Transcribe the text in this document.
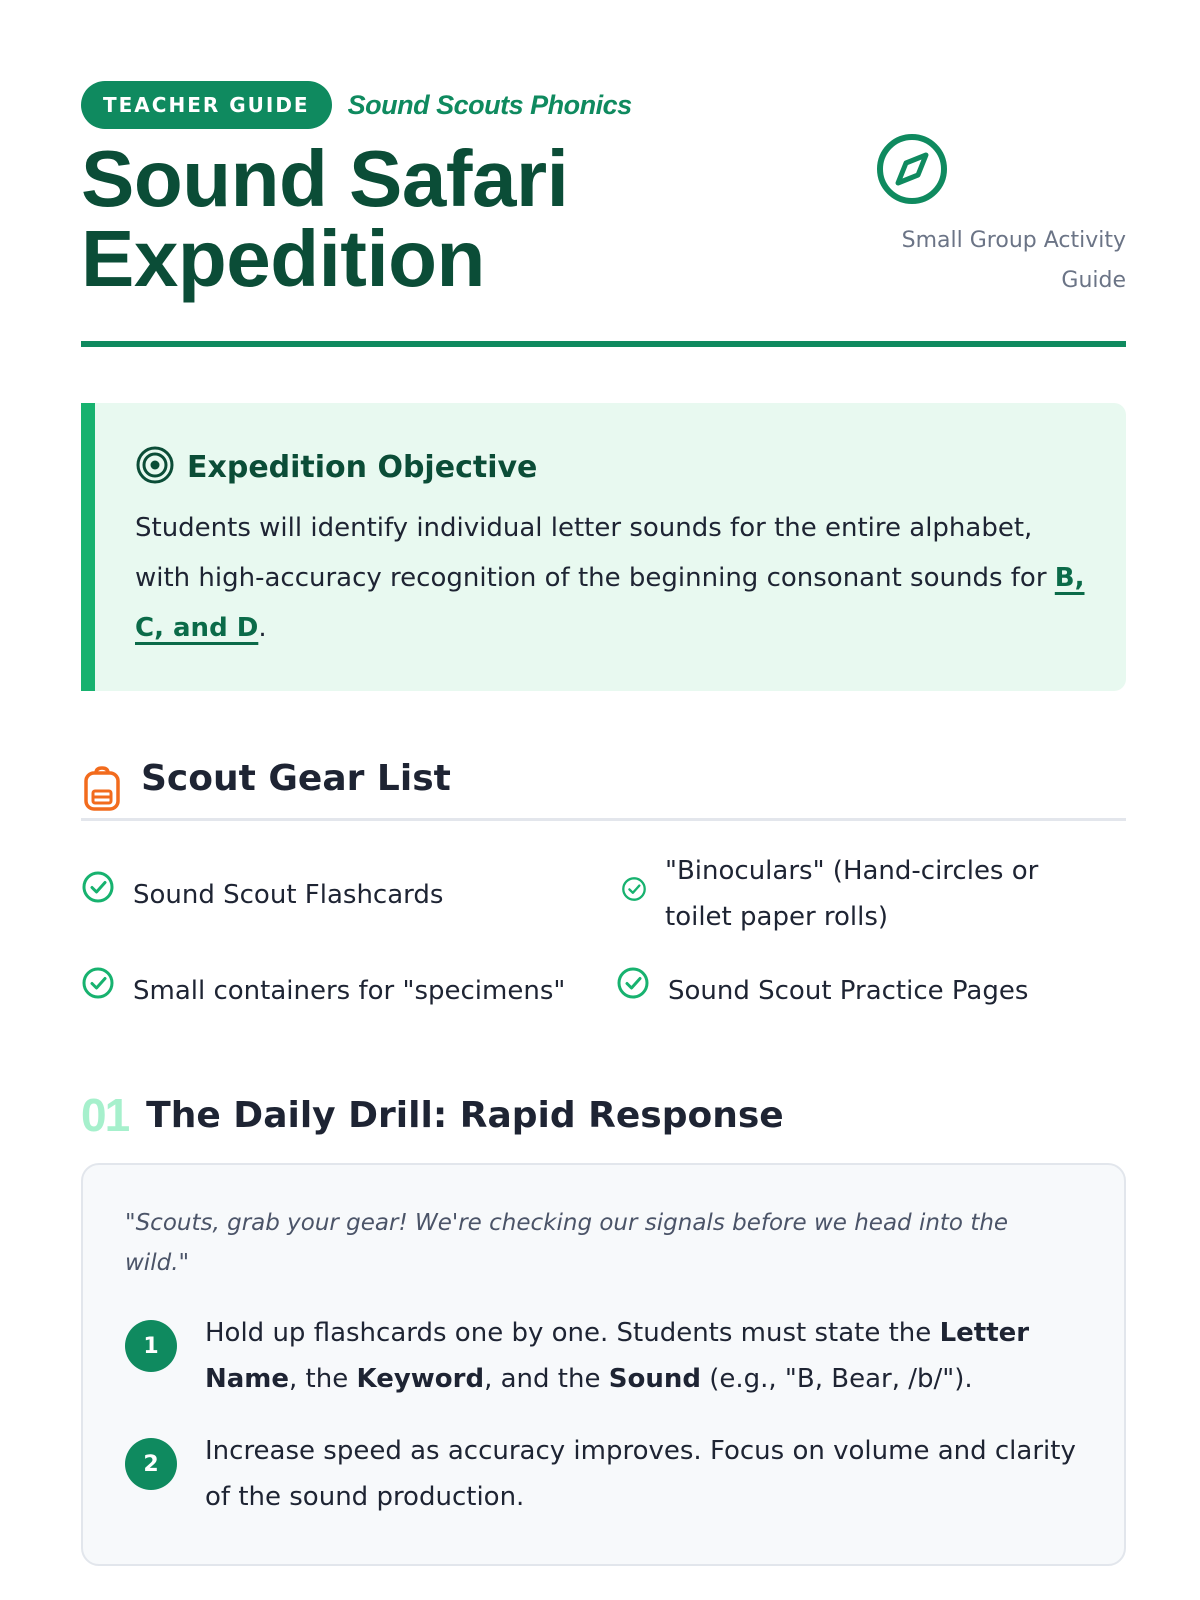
TEACHER GUIDE	Sound Scouts Phonics
Sound Safari
Expedition	Small Group Activity
Guide
Expedition Objective
Students will identify individual letter sounds for the entire alphabet, with high-accuracy recognition of the beginning consonant sounds for B, C, and D.
Scout Gear List
Sound Scout Flashcards
"Binoculars" (Hand-circles or toilet paper rolls)
Small containers for "specimens"	Sound Scout Practice Pages
01 The Daily Drill: Rapid Response
"Scouts, grab your gear! We're checking our signals before we head into the wild."
1	Hold up flashcards one by one. Students must state the Letter Name, the Keyword, and the Sound (e.g., "B, Bear, /b/").
2	Increase speed as accuracy improves. Focus on volume and clarity of the sound production.
